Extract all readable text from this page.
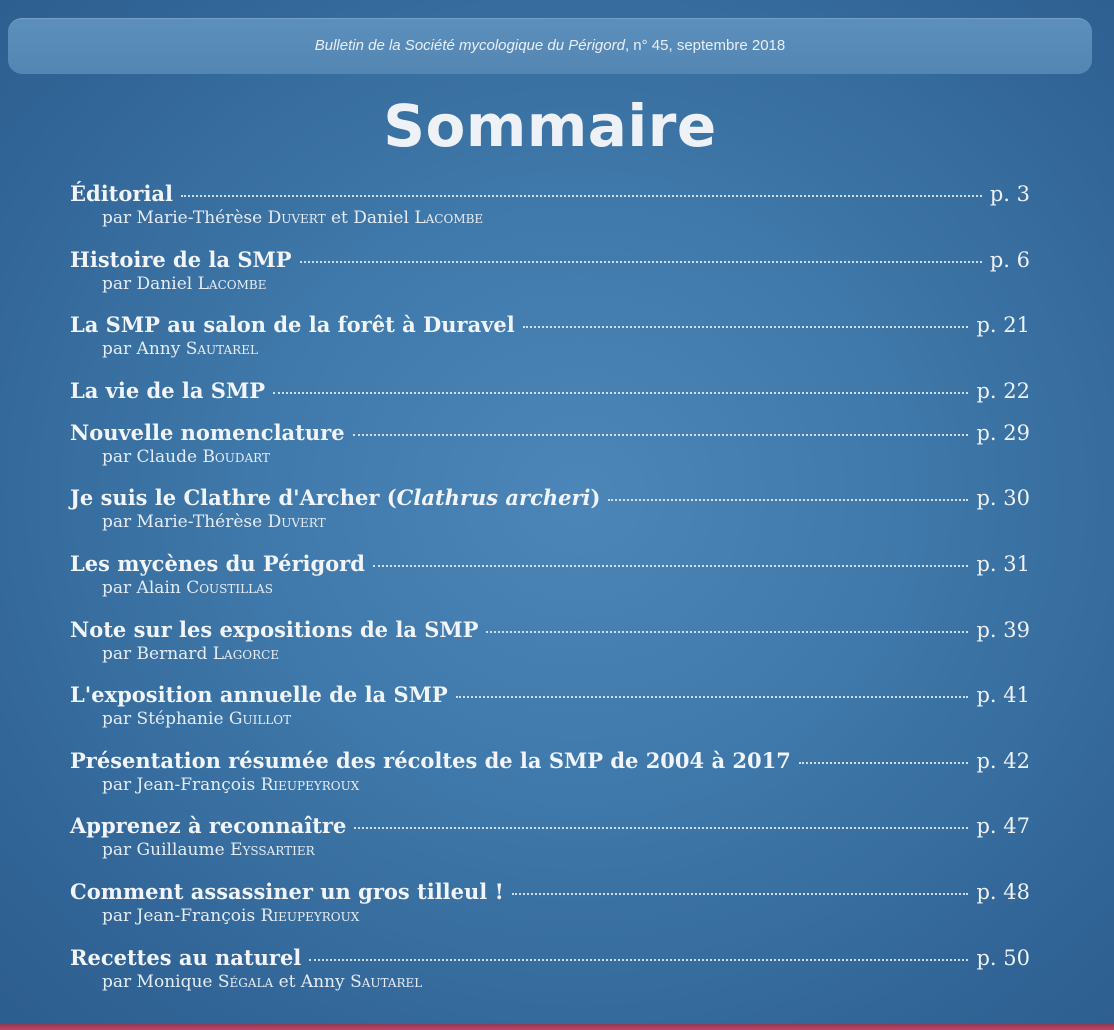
Bulletin de la Société mycologique du Périgord, n° 45, septembre 2018
Sommaire
Éditorial	p. 3
par Marie-Thérèse Duvert et Daniel Lacombe
Histoire de la SMP	p. 6
par Daniel Lacombe
La SMP au salon de la forêt à Duravel	p. 21
par Anny Sautarel
La vie de la SMP	p. 22
Nouvelle nomenclature	p. 29
par Claude Boudart
Je suis le Clathre d'Archer (Clathrus archeri)	p. 30
par Marie-Thérèse Duvert
Les mycènes du Périgord	p. 31
par Alain Coustillas
Note sur les expositions de la SMP	p. 39
par Bernard Lagorce
L'exposition annuelle de la SMP	p. 41
par Stéphanie Guillot
Présentation résumée des récoltes de la SMP de 2004 à 2017	p. 42
par Jean-François Rieupeyroux
Apprenez à reconnaître	p. 47
par Guillaume Eyssartier
Comment assassiner un gros tilleul !	p. 48
par Jean-François Rieupeyroux
Recettes au naturel	p. 50
par Monique Ségala et Anny Sautarel
